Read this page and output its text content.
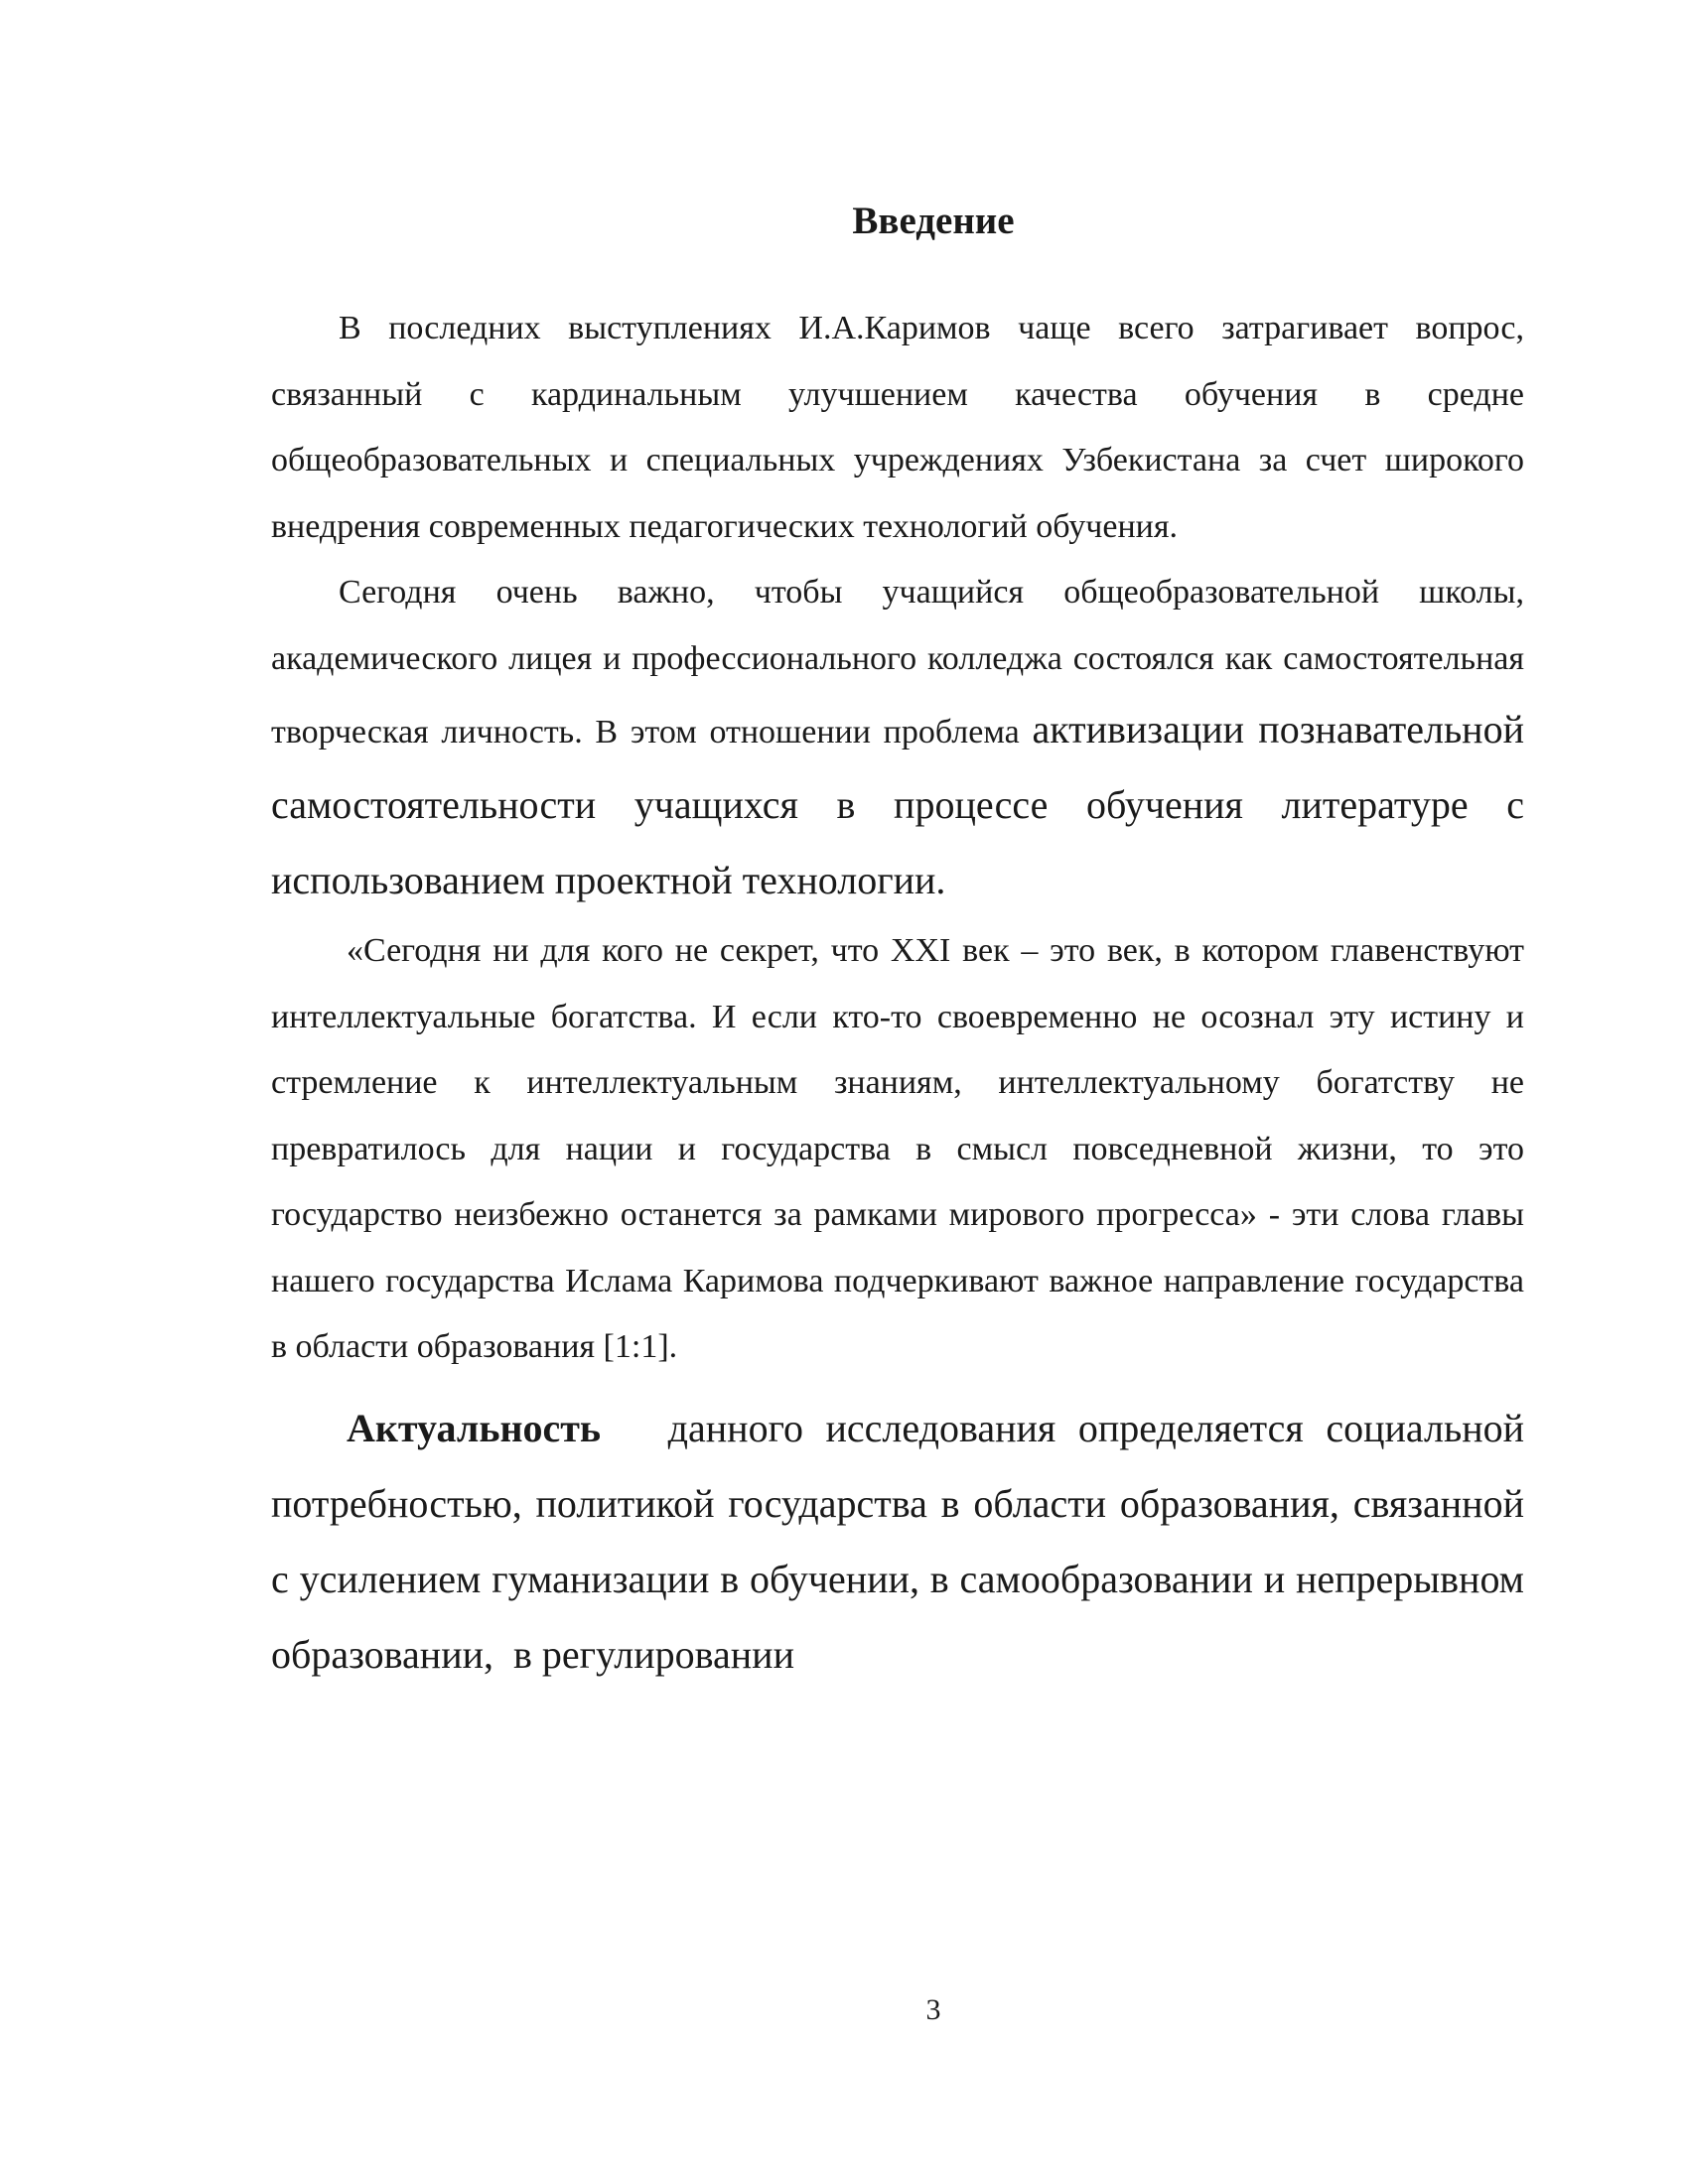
Введение

В последних выступлениях И.А.Каримов чаще всего затрагивает вопрос, связанный с кардинальным улучшением качества обучения в средне общеобразовательных и специальных учреждениях Узбекистана за счет широкого внедрения современных педагогических технологий обучения.

Сегодня очень важно, чтобы учащийся общеобразовательной школы, академического лицея и профессионального колледжа состоялся как самостоятельная творческая личность. В этом отношении проблема активизации познавательной самостоятельности учащихся в процессе обучения литературе с использованием проектной технологии.

«Сегодня ни для кого не секрет, что XXI век – это век, в котором главенствуют интеллектуальные богатства. И если кто-то своевременно не осознал эту истину и стремление к интеллектуальным знаниям, интеллектуальному богатству не превратилось для нации и государства в смысл повседневной жизни, то это государство неизбежно останется за рамками мирового прогресса» - эти слова главы нашего государства Ислама Каримова подчеркивают важное направление государства в области образования [1:1].

Актуальность   данного исследования определяется социальной потребностью, политикой государства в области образования, связанной с усилением гуманизации в обучении, в самообразовании и непрерывном образовании,  в регулировании

3
